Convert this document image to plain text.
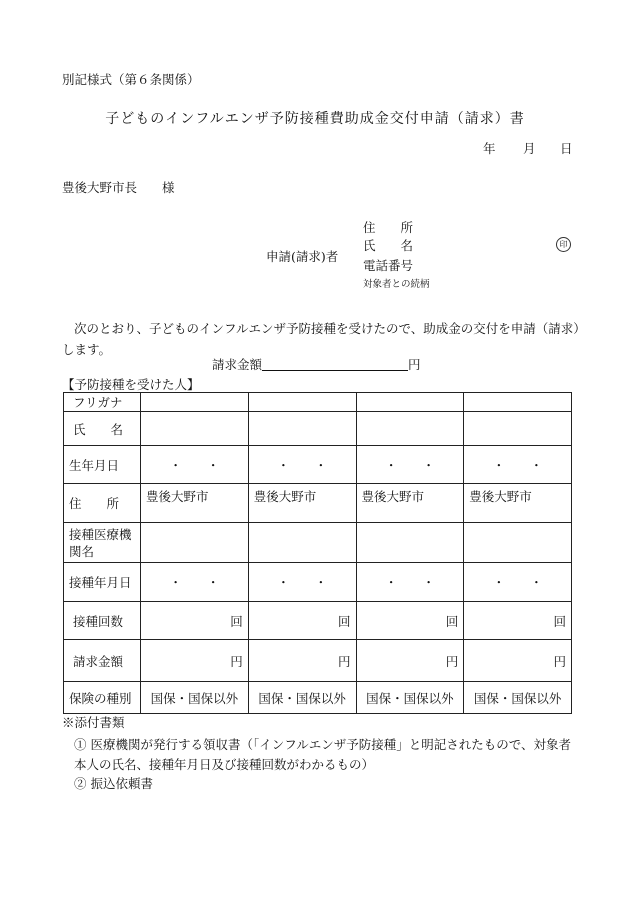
別記様式（第６条関係）
子どものインフルエンザ予防接種費助成金交付申請（請求）書
年 月 日
豊後大野市長　　様
申請(請求)者
住　　所
氏　　名
電話番号
対象者との続柄
印
次のとおり、子どものインフルエンザ予防接種を受けたので、助成金の交付を申請（請求）します。
請求金額	円
【予防接種を受けた人】
フリガナ				
氏　　名				
生年月日	・　　・	・　　・	・　　・	・　　・
住　　所	豊後大野市	豊後大野市	豊後大野市	豊後大野市
接種医療機関名				
接種年月日	・　　・	・　　・	・　　・	・　　・
接種回数	回	回	回	回
請求金額	円	円	円	円
保険の種別	国保・国保以外	国保・国保以外	国保・国保以外	国保・国保以外
※添付書類
① 医療機関が発行する領収書（「インフルエンザ予防接種」と明記されたもので、対象者本人の氏名、接種年月日及び接種回数がわかるもの）
② 振込依頼書
